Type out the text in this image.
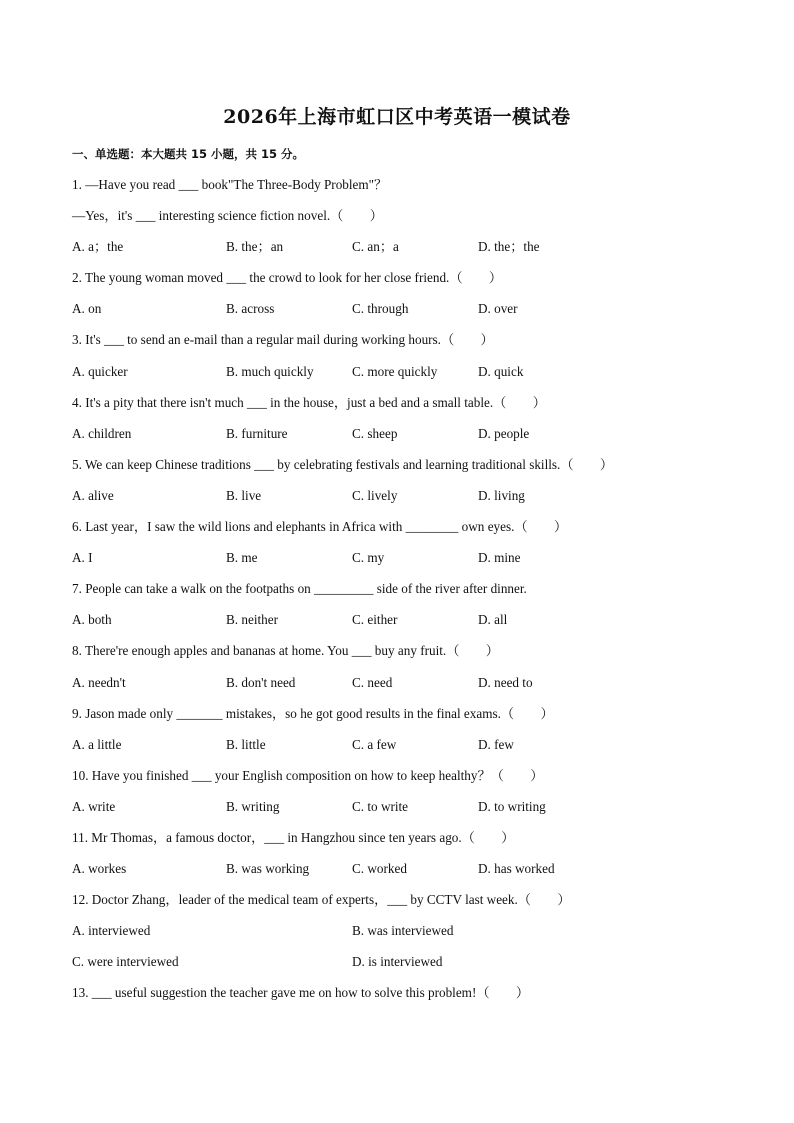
2026年上海市虹口区中考英语一模试卷
一、单选题：本大题共 15 小题，共 15 分。
1. —Have you read ___ book"The Three-Body Problem"？
—Yes，it's ___ interesting science fiction novel.（　　）
A. a；the	B. the；an	C. an；a	D. the；the
2. The young woman moved ___ the crowd to look for her close friend.（　　）
A. on	B. across	C. through	D. over
3. It's ___ to send an e-mail than a regular mail during working hours.（　　）
A. quicker	B. much quickly	C. more quickly	D. quick
4. It's a pity that there isn't much ___ in the house，just a bed and a small table.（　　）
A. children	B. furniture	C. sheep	D. people
5. We can keep Chinese traditions ___ by celebrating festivals and learning traditional skills.（　　）
A. alive	B. live	C. lively	D. living
6. Last year，I saw the wild lions and elephants in Africa with ________ own eyes.（　　）
A. I	B. me	C. my	D. mine
7. People can take a walk on the footpaths on _________ side of the river after dinner.
A. both	B. neither	C. either	D. all
8. There're enough apples and bananas at home. You ___ buy any fruit.（　　）
A. needn't	B. don't need	C. need	D. need to
9. Jason made only _______ mistakes，so he got good results in the final exams.（　　）
A. a little	B. little	C. a few	D. few
10. Have you finished ___ your English composition on how to keep healthy？（　　）
A. write	B. writing	C. to write	D. to writing
11. Mr Thomas，a famous doctor，___ in Hangzhou since ten years ago.（　　）
A. workes	B. was working	C. worked	D. has worked
12. Doctor Zhang，leader of the medical team of experts，___ by CCTV last week.（　　）
A. interviewed	B. was interviewed
C. were interviewed	D. is interviewed
13. ___ useful suggestion the teacher gave me on how to solve this problem!（　　）
